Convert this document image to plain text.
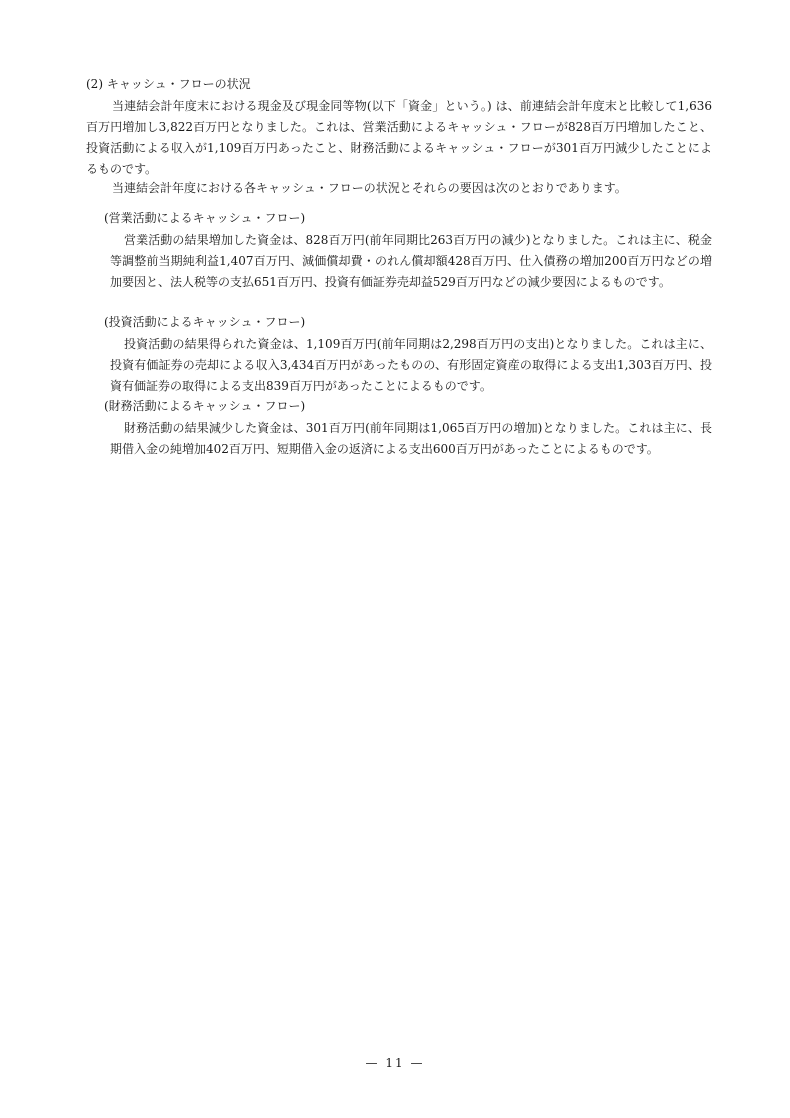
(2) キャッシュ・フローの状況
当連結会計年度末における現金及び現金同等物(以下「資金」という。) は、前連結会計年度末と比較して1,636百万円増加し3,822百万円となりました。これは、営業活動によるキャッシュ・フローが828百万円増加したこと、投資活動による収入が1,109百万円あったこと、財務活動によるキャッシュ・フローが301百万円減少したことによるものです。
当連結会計年度における各キャッシュ・フローの状況とそれらの要因は次のとおりであります。
(営業活動によるキャッシュ・フロー)
営業活動の結果増加した資金は、828百万円(前年同期比263百万円の減少)となりました。これは主に、税金等調整前当期純利益1,407百万円、減価償却費・のれん償却額428百万円、仕入債務の増加200百万円などの増加要因と、法人税等の支払651百万円、投資有価証券売却益529百万円などの減少要因によるものです。
(投資活動によるキャッシュ・フロー)
投資活動の結果得られた資金は、1,109百万円(前年同期は2,298百万円の支出)となりました。これは主に、投資有価証券の売却による収入3,434百万円があったものの、有形固定資産の取得による支出1,303百万円、投資有価証券の取得による支出839百万円があったことによるものです。
(財務活動によるキャッシュ・フロー)
財務活動の結果減少した資金は、301百万円(前年同期は1,065百万円の増加)となりました。これは主に、長期借入金の純増加402百万円、短期借入金の返済による支出600百万円があったことによるものです。
— 11 —
